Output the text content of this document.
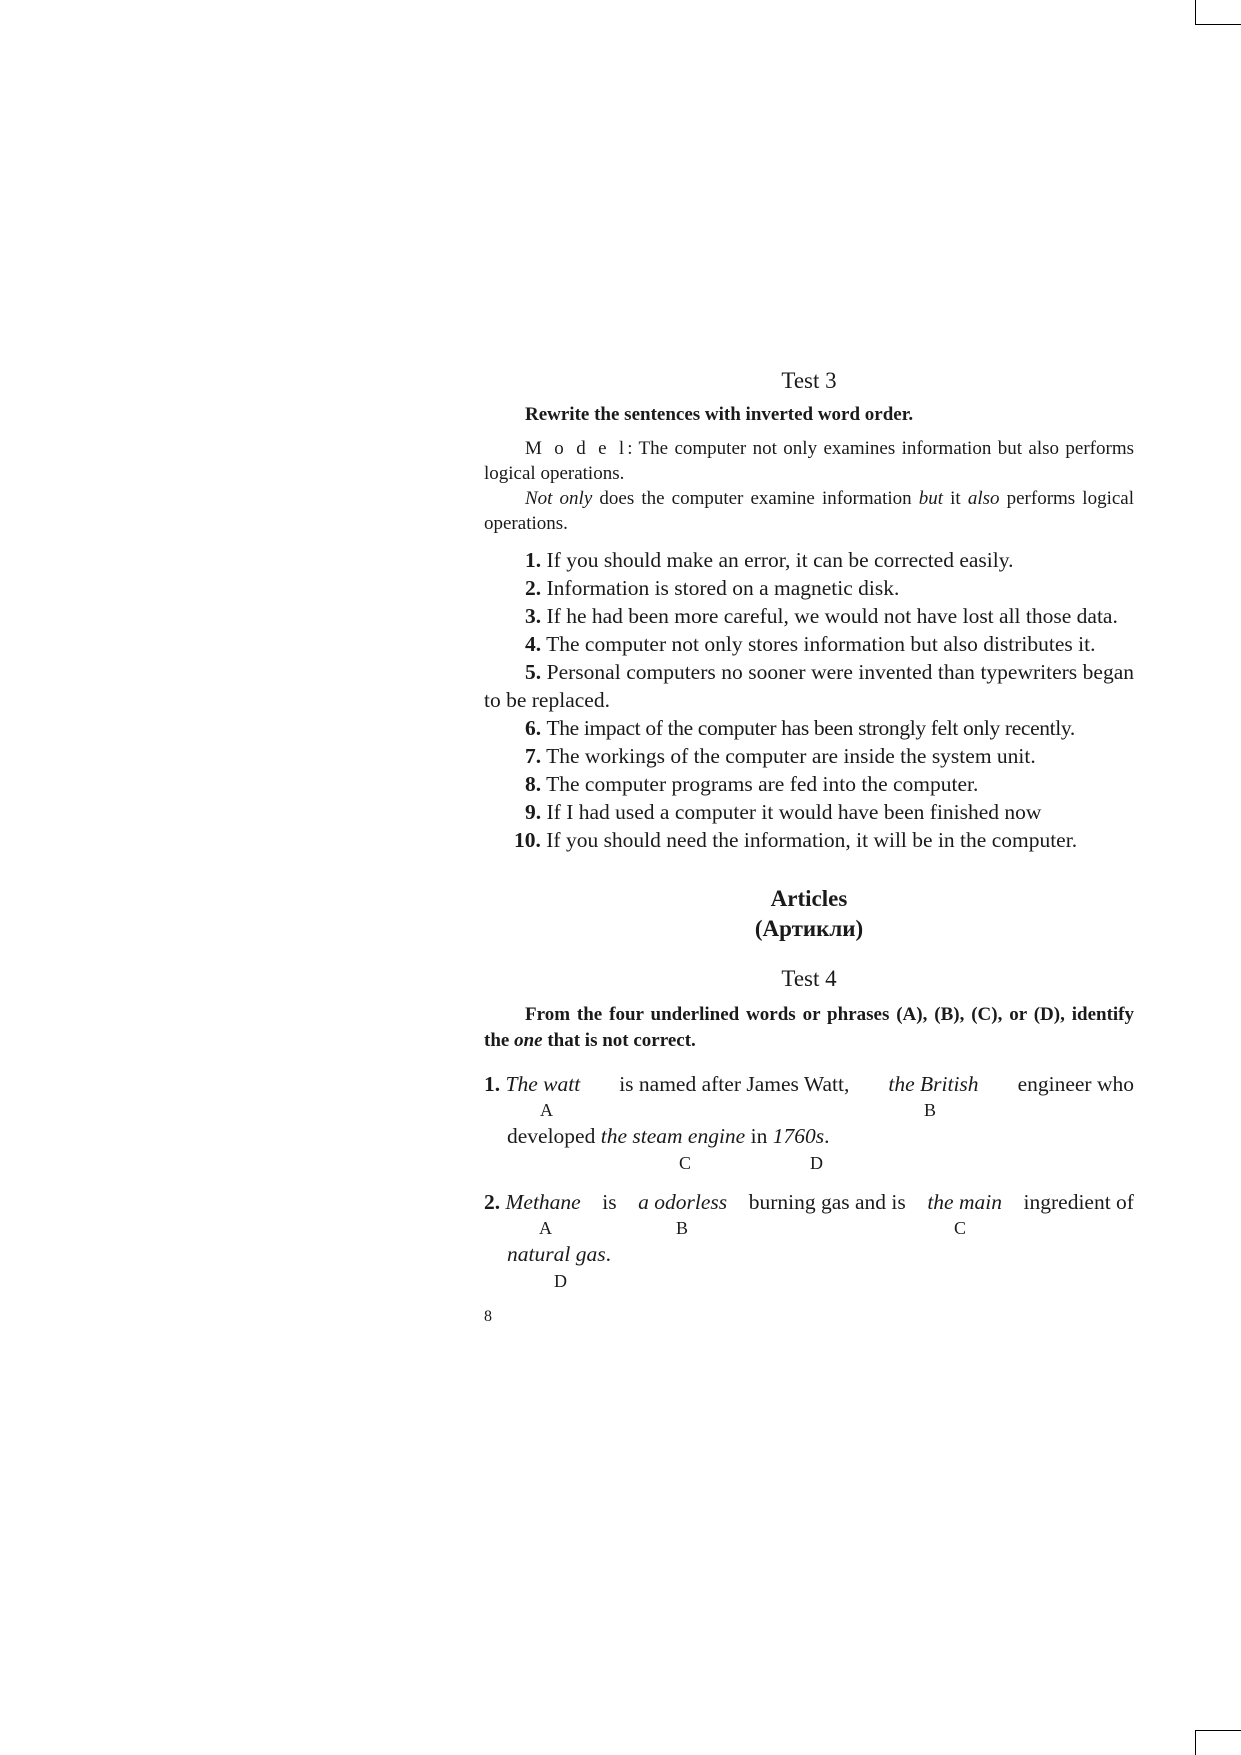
Test 3
Rewrite the sentences with inverted word order.
M o d e l: The computer not only examines information but also performs logical operations.
Not only does the computer examine information but it also performs logical operations.
1. If you should make an error, it can be corrected easily.
2. Information is stored on a magnetic disk.
3. If he had been more careful, we would not have lost all those data.
4. The computer not only stores information but also distributes it.
5. Personal computers no sooner were invented than typewriters began to be replaced.
6. The impact of the computer has been strongly felt only recently.
7. The workings of the computer are inside the system unit.
8. The computer programs are fed into the computer.
9. If I had used a computer it would have been finished now
10. If you should need the information, it will be in the computer.
Articles
(Артикли)
Test 4
From the four underlined words or phrases (A), (B), (C), or (D), identify the one that is not correct.
1. The watt is named after James Watt, the British engineer who
A	B
developed the steam engine in 1760s.
C	D
2. Methane is a odorless burning gas and is the main ingredient of
A	B	C
natural gas.
D
8
